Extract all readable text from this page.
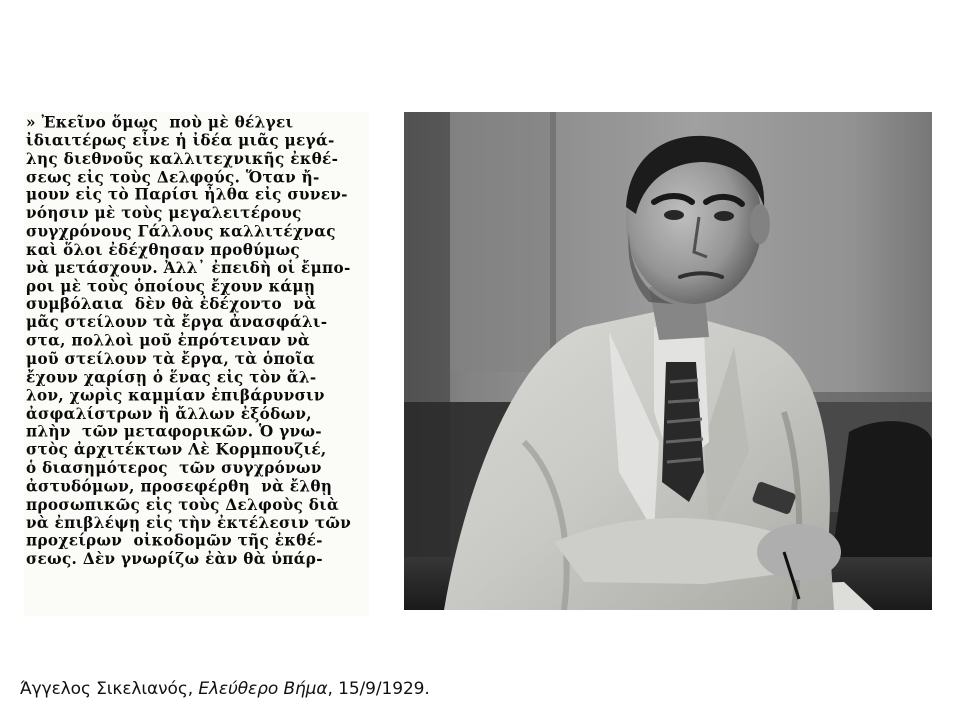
» Ἐκεῖνο ὅμως  ποὺ μὲ θέλγει
ἰδιαιτέρως εἶνε ἡ ἰδέα μιᾶς μεγά-
λης διεθνοῦς καλλιτεχνικῆς ἐκθέ-
σεως εἰς τοὺς Δελφούς. Ὅταν ἤ-
μουν εἰς τὸ Παρίσι ἦλθα εἰς συνεν-
νόησιν μὲ τοὺς μεγαλειτέρους
συγχρόνους Γάλλους καλλιτέχνας
καὶ ὅλοι ἐδέχθησαν προθύμως
νὰ μετάσχουν. Ἀλλ᾿ ἐπειδὴ οἱ ἔμπο-
ροι μὲ τοὺς ὁποίους ἔχουν κάμῃ
συμβόλαια  δὲν θὰ ἐδέχοντο  νὰ
μᾶς στείλουν τὰ ἔργα ἀνασφάλι-
στα, πολλοὶ μοῦ ἐπρότειναν νὰ
μοῦ στείλουν τὰ ἔργα, τὰ ὁποῖα
ἔχουν χαρίσῃ ὁ ἕνας εἰς τὸν ἄλ-
λον, χωρὶς καμμίαν ἐπιβάρυνσιν
ἀσφαλίστρων ἢ ἄλλων ἐξόδων,
πλὴν  τῶν μεταφορικῶν. Ὁ γνω-
στὸς ἀρχιτέκτων Λὲ Κορμπουζιέ,
ὁ διασημότερος  τῶν συγχρόνων
ἀστυδόμων, προσεφέρθη  νὰ ἔλθῃ
προσωπικῶς εἰς τοὺς Δελφοὺς διὰ
νὰ ἐπιβλέψῃ εἰς τὴν ἐκτέλεσιν τῶν
προχείρων  οἰκοδομῶν τῆς ἐκθέ-
σεως. Δὲν γνωρίζω ἐὰν θὰ ὑπάρ-
Άγγελος Σικελιανός, Ελεύθερο Βήμα, 15/9/1929.
